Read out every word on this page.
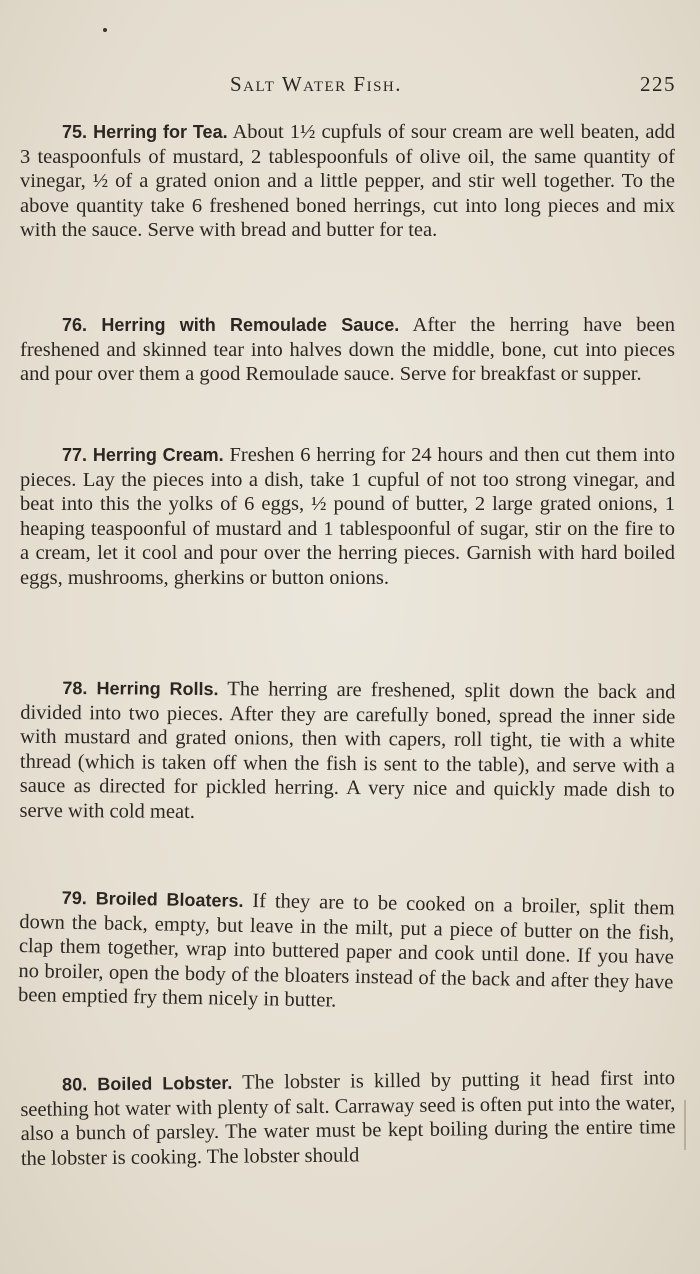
Salt Water Fish.	225
75. Herring for Tea. About 1½ cupfuls of sour cream are well beaten, add 3 teaspoonfuls of mustard, 2 tablespoonfuls of olive oil, the same quantity of vinegar, ½ of a grated onion and a little pepper, and stir well together. To the above quantity take 6 freshened boned herrings, cut into long pieces and mix with the sauce. Serve with bread and butter for tea.
76. Herring with Remoulade Sauce. After the herring have been freshened and skinned tear into halves down the middle, bone, cut into pieces and pour over them a good Remoulade sauce. Serve for breakfast or supper.
77. Herring Cream. Freshen 6 herring for 24 hours and then cut them into pieces. Lay the pieces into a dish, take 1 cupful of not too strong vinegar, and beat into this the yolks of 6 eggs, ½ pound of butter, 2 large grated onions, 1 heaping teaspoonful of mustard and 1 tablespoonful of sugar, stir on the fire to a cream, let it cool and pour over the herring pieces. Garnish with hard boiled eggs, mushrooms, gherkins or button onions.
78. Herring Rolls. The herring are freshened, split down the back and divided into two pieces. After they are carefully boned, spread the inner side with mustard and grated onions, then with capers, roll tight, tie with a white thread (which is taken off when the fish is sent to the table), and serve with a sauce as directed for pickled herring. A very nice and quickly made dish to serve with cold meat.
79. Broiled Bloaters. If they are to be cooked on a broiler, split them down the back, empty, but leave in the milt, put a piece of butter on the fish, clap them together, wrap into buttered paper and cook until done. If you have no broiler, open the body of the bloaters instead of the back and after they have been emptied fry them nicely in butter.
80. Boiled Lobster. The lobster is killed by putting it head first into seething hot water with plenty of salt. Carraway seed is often put into the water, also a bunch of parsley. The water must be kept boiling during the entire time the lobster is cooking. The lobster should
